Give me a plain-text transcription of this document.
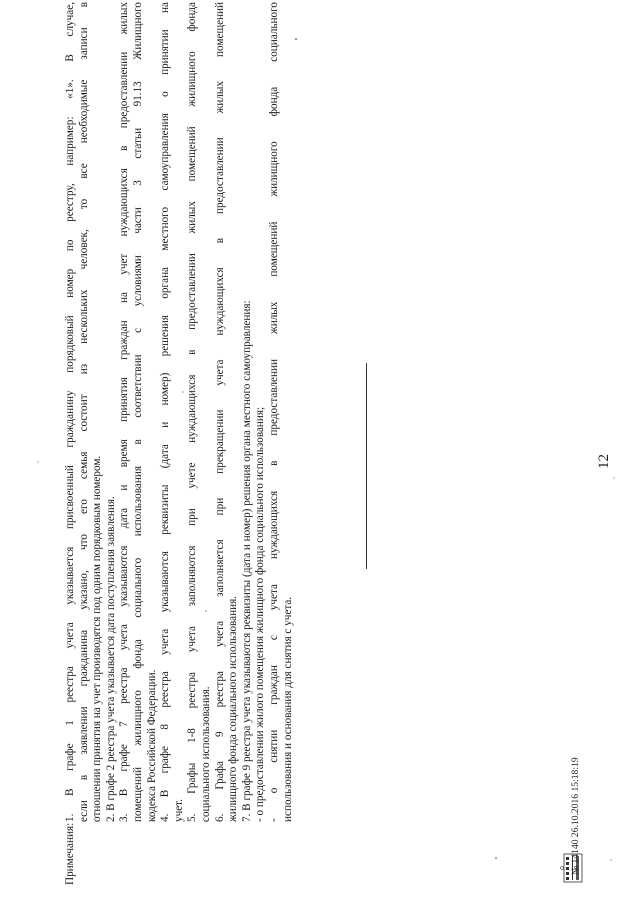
12
Примечания:

1. В графе 1 реестра учета указывается присвоенный гражданину порядковый номер по реестру, например: «1». В случае, если в заявлении гражданина указано, что его семья состоит из нескольких человек, то все необходимые записи в отношении принятия на учет производятся под одним порядковым номером. 2. В графе 2 реестра учета указывается дата поступления заявления. 3. В графе 7 реестра учета указываются дата и время принятия граждан на учет нуждающихся в предоставлении жилых помещений жилищного фонда социального использования в соответствии с условиями части 3 статьи 91.13 Жилищного кодекса Российской Федерации. 4. В графе 8 реестра учета указываются реквизиты (дата и номер) решения органа местного самоуправления о принятии на учет. 5. Графы 1-8 реестра учета заполняются при учете нуждающихся в предоставлении жилых помещений жилищного фонда социального использования. 6. Графа 9 реестра учета заполняется при прекращении учета нуждающихся в предоставлении жилых помещений жилищного фонда социального использования. 7. В графе 9 реестра учета указываются реквизиты (дата и номер) решения органа местного самоуправления: - о предоставлении жилого помещения жилищного фонда социального использования; - о снятии граждан с учета нуждающихся в предоставлении жилых помещений жилищного фонда социального использования и основания для снятия с учета.	№ 14140 26.10.2016 15:18:19
